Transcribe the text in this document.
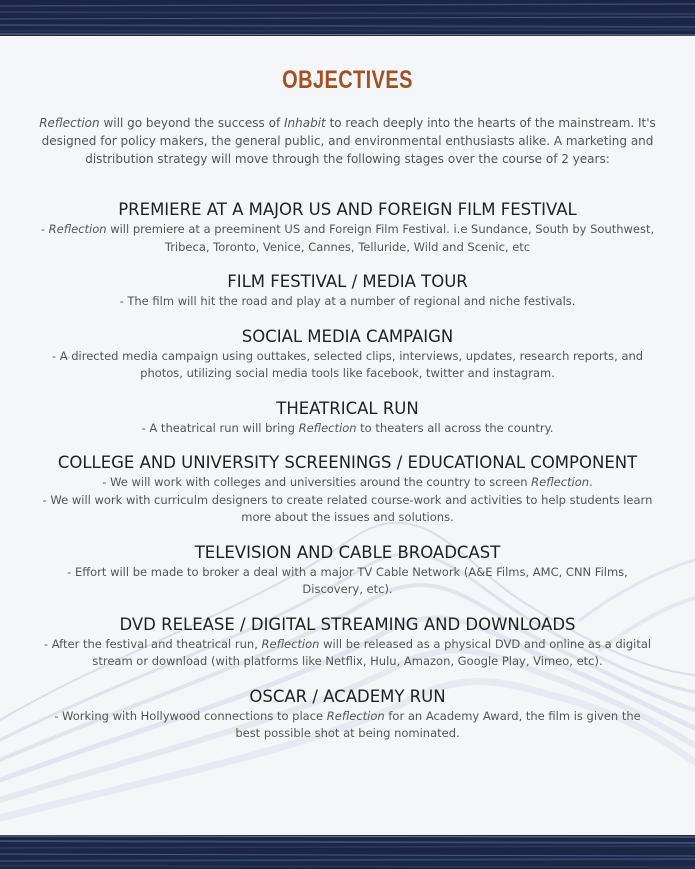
OBJECTIVES

Reflection will go beyond the success of Inhabit to reach deeply into the hearts of the mainstream. It's designed for policy makers, the general public, and environmental enthusiasts alike. A marketing and distribution strategy will move through the following stages over the course of 2 years:

PREMIERE AT A MAJOR US AND FOREIGN FILM FESTIVAL

- Reflection will premiere at a preeminent US and Foreign Film Festival. i.e Sundance, South by Southwest, Tribeca, Toronto, Venice, Cannes, Telluride, Wild and Scenic, etc

FILM FESTIVAL / MEDIA TOUR

- The film will hit the road and play at a number of regional and niche festivals.

SOCIAL MEDIA CAMPAIGN

- A directed media campaign using outtakes, selected clips, interviews, updates, research reports, and photos, utilizing social media tools like facebook, twitter and instagram.

THEATRICAL RUN

- A theatrical run will bring Reflection to theaters all across the country.

COLLEGE AND UNIVERSITY SCREENINGS / EDUCATIONAL COMPONENT

- We will work with colleges and universities around the country to screen Reflection.

- We will work with curriculm designers to create related course-work and activities to help students learn more about the issues and solutions.

TELEVISION AND CABLE BROADCAST

- Effort will be made to broker a deal with a major TV Cable Network (A&E Films, AMC, CNN Films, Discovery, etc).

DVD RELEASE / DIGITAL STREAMING AND DOWNLOADS

- After the festival and theatrical run, Reflection will be released as a physical DVD and online as a digital stream or download (with platforms like Netflix, Hulu, Amazon, Google Play, Vimeo, etc).

OSCAR / ACADEMY RUN

- Working with Hollywood connections to place Reflection for an Academy Award, the film is given the best possible shot at being nominated.
